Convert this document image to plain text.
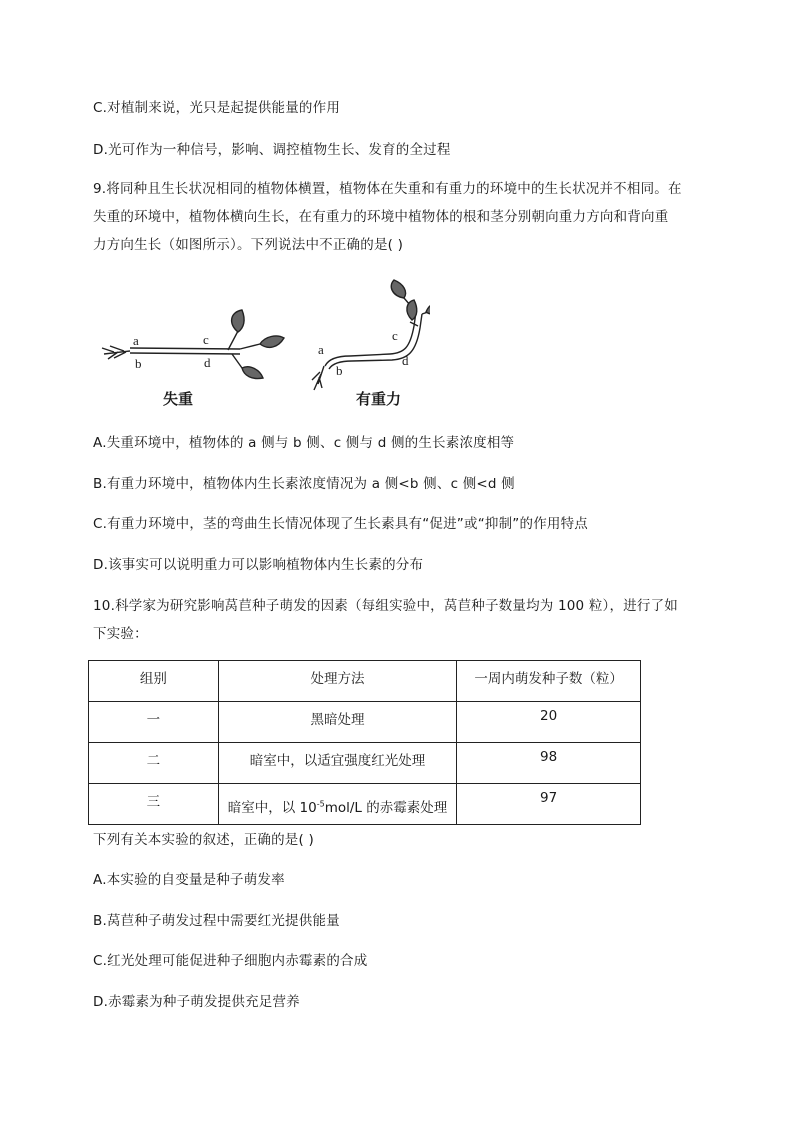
C.对植制来说，光只是起提供能量的作用
D.光可作为一种信号，影响、调控植物生长、发育的全过程
9.将同种且生长状况相同的植物体横置，植物体在失重和有重力的环境中的生长状况并不相同。在
失重的环境中，植物体横向生长，在有重力的环境中植物体的根和茎分别朝向重力方向和背向重
力方向生长（如图所示）。下列说法中不正确的是( )
a
b
c
d
a
b
c
d
失重	有重力
A.失重环境中，植物体的 a 侧与 b 侧、c 侧与 d 侧的生长素浓度相等
B.有重力环境中，植物体内生长素浓度情况为 a 侧<b 侧、c 侧<d 侧
C.有重力环境中，茎的弯曲生长情况体现了生长素具有“促进”或“抑制”的作用特点
D.该事实可以说明重力可以影响植物体内生长素的分布
10.科学家为研究影响莴苣种子萌发的因素（每组实验中，莴苣种子数量均为 100 粒），进行了如
下实验：
组别	处理方法	一周内萌发种子数（粒）
一	黑暗处理	20
二	暗室中，以适宜强度红光处理	98
三	暗室中，以 $10^{-5}mol/L$ 的赤霉素处理	97
下列有关本实验的叙述，正确的是( )
A.本实验的自变量是种子萌发率
B.莴苣种子萌发过程中需要红光提供能量
C.红光处理可能促进种子细胞内赤霉素的合成
D.赤霉素为种子萌发提供充足营养
